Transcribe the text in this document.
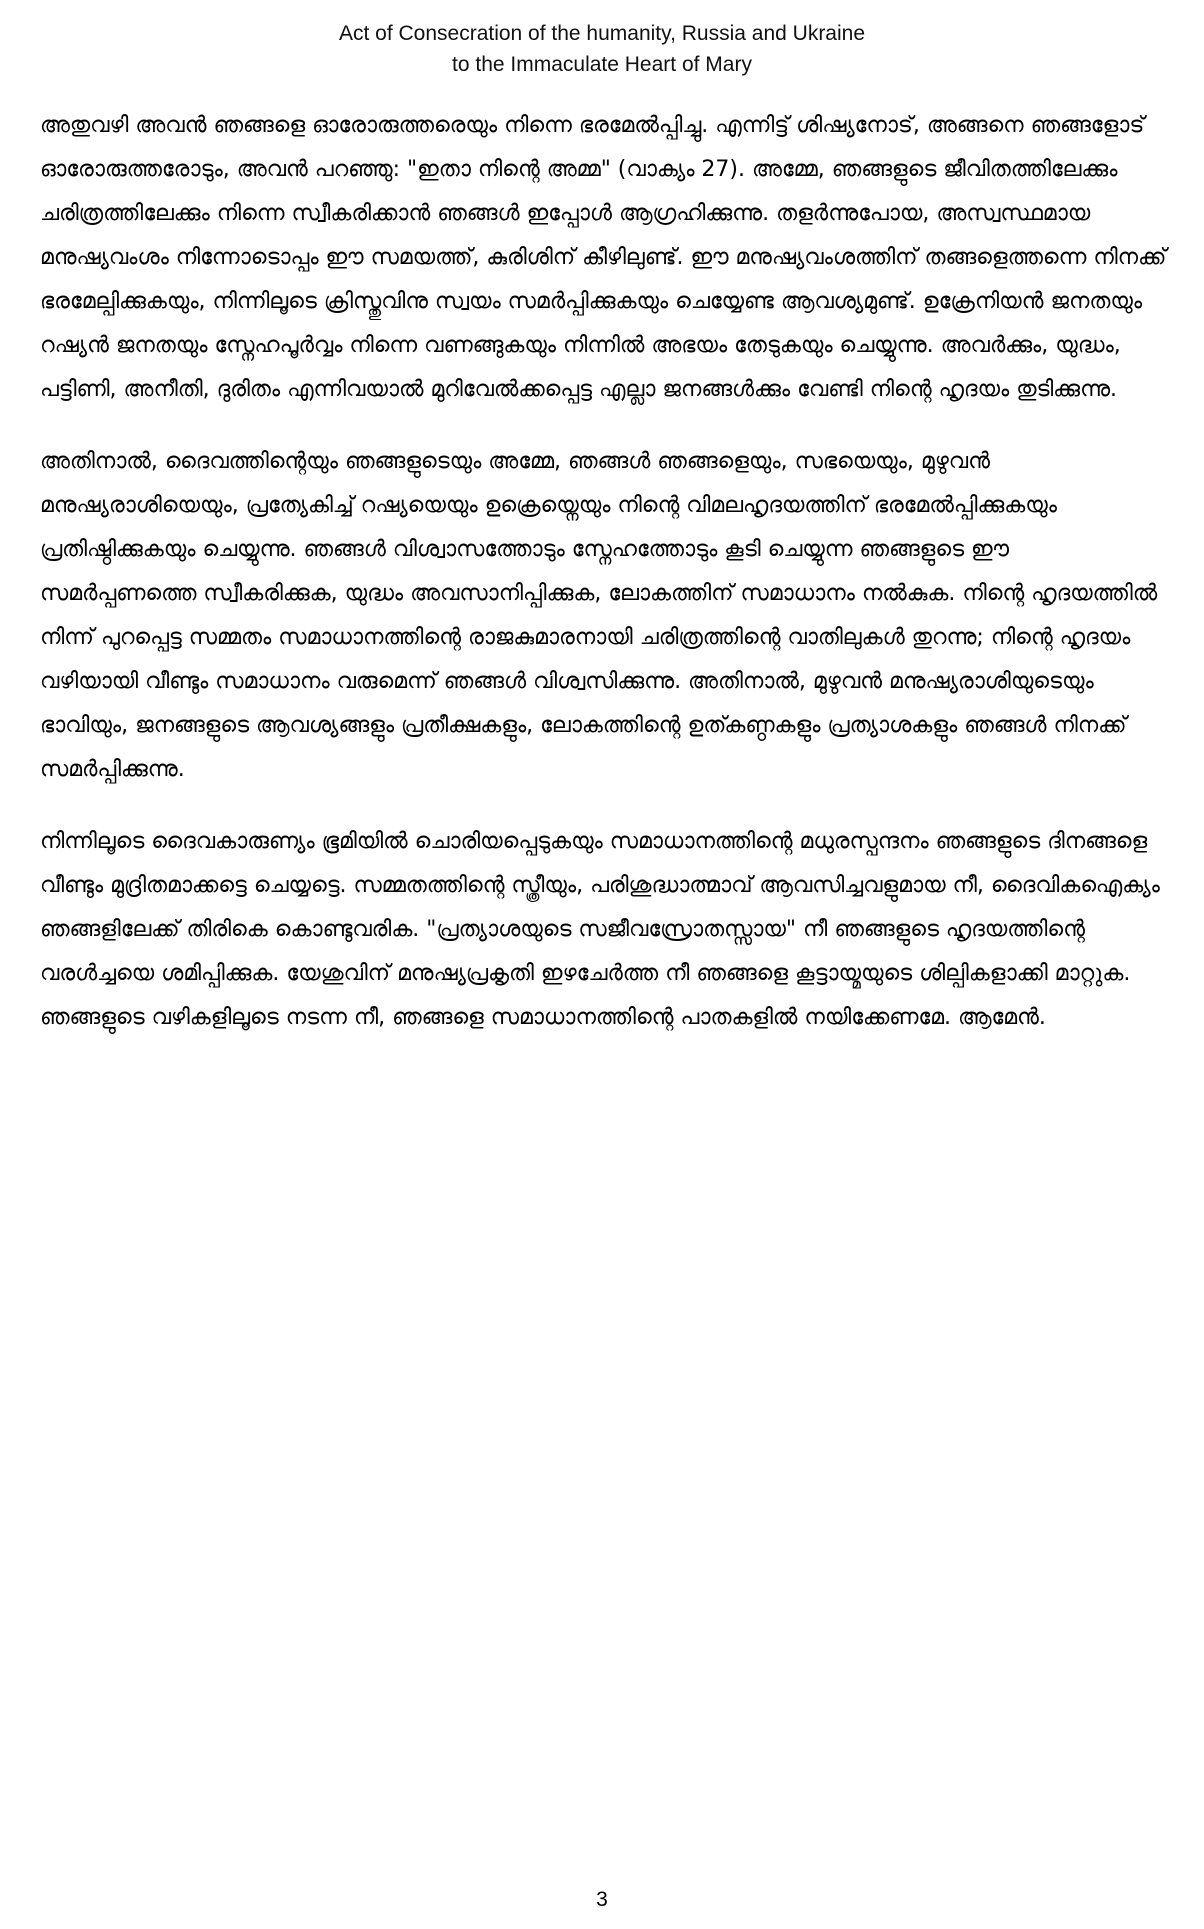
Act of Consecration of the humanity, Russia and Ukraine
to the Immaculate Heart of Mary

അതുവഴി അവൻ ഞങ്ങളെ ഓരോരുത്തരെയും നിന്നെ ഭരമേൽപ്പിച്ചു. എന്നിട്ട് ശിഷ്യനോട്, അങ്ങനെ ഞങ്ങളോട് ഓരോരുത്തരോടും, അവൻ പറഞ്ഞു: "ഇതാ നിന്റെ അമ്മ" (വാക്യം 27). അമ്മേ, ഞങ്ങളുടെ ജീവിതത്തിലേക്കും ചരിത്രത്തിലേക്കും നിന്നെ സ്വീകരിക്കാൻ ഞങ്ങൾ ഇപ്പോൾ ആഗ്രഹിക്കുന്നു. തളർന്നുപോയ, അസ്വസ്ഥമായ മനുഷ്യവംശം നിന്നോടൊപ്പം ഈ സമയത്ത്, കുരിശിന് കീഴിലുണ്ട്. ഈ മനുഷ്യവംശത്തിന് തങ്ങളെത്തന്നെ നിനക്ക് ഭരമേല്പിക്കുകയും, നിന്നിലൂടെ ക്രിസ്തുവിനു സ്വയം സമർപ്പിക്കുകയും ചെയ്യേണ്ട ആവശ്യമുണ്ട്. ഉക്രേനിയൻ ജനതയും റഷ്യൻ ജനതയും സ്നേഹപൂർവ്വം നിന്നെ വണങ്ങുകയും നിന്നിൽ അഭയം തേടുകയും ചെയ്യുന്നു. അവർക്കും, യുദ്ധം, പട്ടിണി, അനീതി, ദുരിതം എന്നിവയാൽ മുറിവേൽക്കപ്പെട്ട എല്ലാ ജനങ്ങൾക്കും വേണ്ടി നിന്റെ ഹൃദയം തുടിക്കുന്നു.

അതിനാൽ, ദൈവത്തിന്റെയും ഞങ്ങളുടെയും അമ്മേ, ഞങ്ങൾ ഞങ്ങളെയും, സഭയെയും, മുഴുവൻ മനുഷ്യരാശിയെയും, പ്രത്യേകിച്ച് റഷ്യയെയും ഉക്രെയ്നെയും നിന്റെ വിമലഹൃദയത്തിന് ഭരമേൽപ്പിക്കുകയും പ്രതിഷ്ഠിക്കുകയും ചെയ്യുന്നു. ഞങ്ങൾ വിശ്വാസത്തോടും സ്നേഹത്തോടും കൂടി ചെയ്യുന്ന ഞങ്ങളുടെ ഈ സമർപ്പണത്തെ സ്വീകരിക്കുക, യുദ്ധം അവസാനിപ്പിക്കുക, ലോകത്തിന് സമാധാനം നൽകുക. നിന്റെ ഹൃദയത്തിൽ നിന്ന് പുറപ്പെട്ട സമ്മതം സമാധാനത്തിന്റെ രാജകുമാരനായി ചരിത്രത്തിന്റെ വാതിലുകൾ തുറന്നു; നിന്റെ ഹൃദയം വഴിയായി വീണ്ടും സമാധാനം വരുമെന്ന് ഞങ്ങൾ വിശ്വസിക്കുന്നു. അതിനാൽ, മുഴുവൻ മനുഷ്യരാശിയുടെയും ഭാവിയും, ജനങ്ങളുടെ ആവശ്യങ്ങളും പ്രതീക്ഷകളും, ലോകത്തിന്റെ ഉത്കണ്ഠകളും പ്രത്യാശകളും ഞങ്ങൾ നിനക്ക് സമർപ്പിക്കുന്നു.

നിന്നിലൂടെ ദൈവകാരുണ്യം ഭൂമിയിൽ ചൊരിയപ്പെടുകയും സമാധാനത്തിന്റെ മധുരസ്പന്ദനം ഞങ്ങളുടെ ദിനങ്ങളെ വീണ്ടും മുദ്രിതമാക്കട്ടെ ചെയ്യട്ടെ. സമ്മതത്തിന്റെ സ്ത്രീയും, പരിശുദ്ധാത്മാവ് ആവസിച്ചവളുമായ നീ, ദൈവികഐക്യം ഞങ്ങളിലേക്ക് തിരികെ കൊണ്ടുവരിക. "പ്രത്യാശയുടെ സജീവസ്രോതസ്സായ" നീ ഞങ്ങളുടെ ഹൃദയത്തിന്റെ വരൾച്ചയെ ശമിപ്പിക്കുക. യേശുവിന് മനുഷ്യപ്രകൃതി ഇഴചേർത്ത നീ ഞങ്ങളെ കൂട്ടായ്മയുടെ ശില്പികളാക്കി മാറ്റുക. ഞങ്ങളുടെ വഴികളിലൂടെ നടന്ന നീ, ഞങ്ങളെ സമാധാനത്തിന്റെ പാതകളിൽ നയിക്കേണമേ. ആമേൻ.

3
